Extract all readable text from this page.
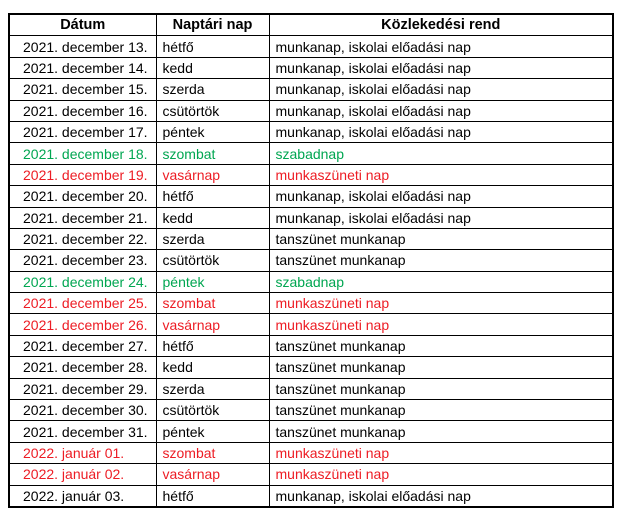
Dátum	Naptári nap	Közlekedési rend
2021. december 13.	hétfő	munkanap, iskolai előadási nap
2021. december 14.	kedd	munkanap, iskolai előadási nap
2021. december 15.	szerda	munkanap, iskolai előadási nap
2021. december 16.	csütörtök	munkanap, iskolai előadási nap
2021. december 17.	péntek	munkanap, iskolai előadási nap
2021. december 18.	szombat	szabadnap
2021. december 19.	vasárnap	munkaszüneti nap
2021. december 20.	hétfő	munkanap, iskolai előadási nap
2021. december 21.	kedd	munkanap, iskolai előadási nap
2021. december 22.	szerda	tanszünet munkanap
2021. december 23.	csütörtök	tanszünet munkanap
2021. december 24.	péntek	szabadnap
2021. december 25.	szombat	munkaszüneti nap
2021. december 26.	vasárnap	munkaszüneti nap
2021. december 27.	hétfő	tanszünet munkanap
2021. december 28.	kedd	tanszünet munkanap
2021. december 29.	szerda	tanszünet munkanap
2021. december 30.	csütörtök	tanszünet munkanap
2021. december 31.	péntek	tanszünet munkanap
2022. január 01.	szombat	munkaszüneti nap
2022. január 02.	vasárnap	munkaszüneti nap
2022. január 03.	hétfő	munkanap, iskolai előadási nap
